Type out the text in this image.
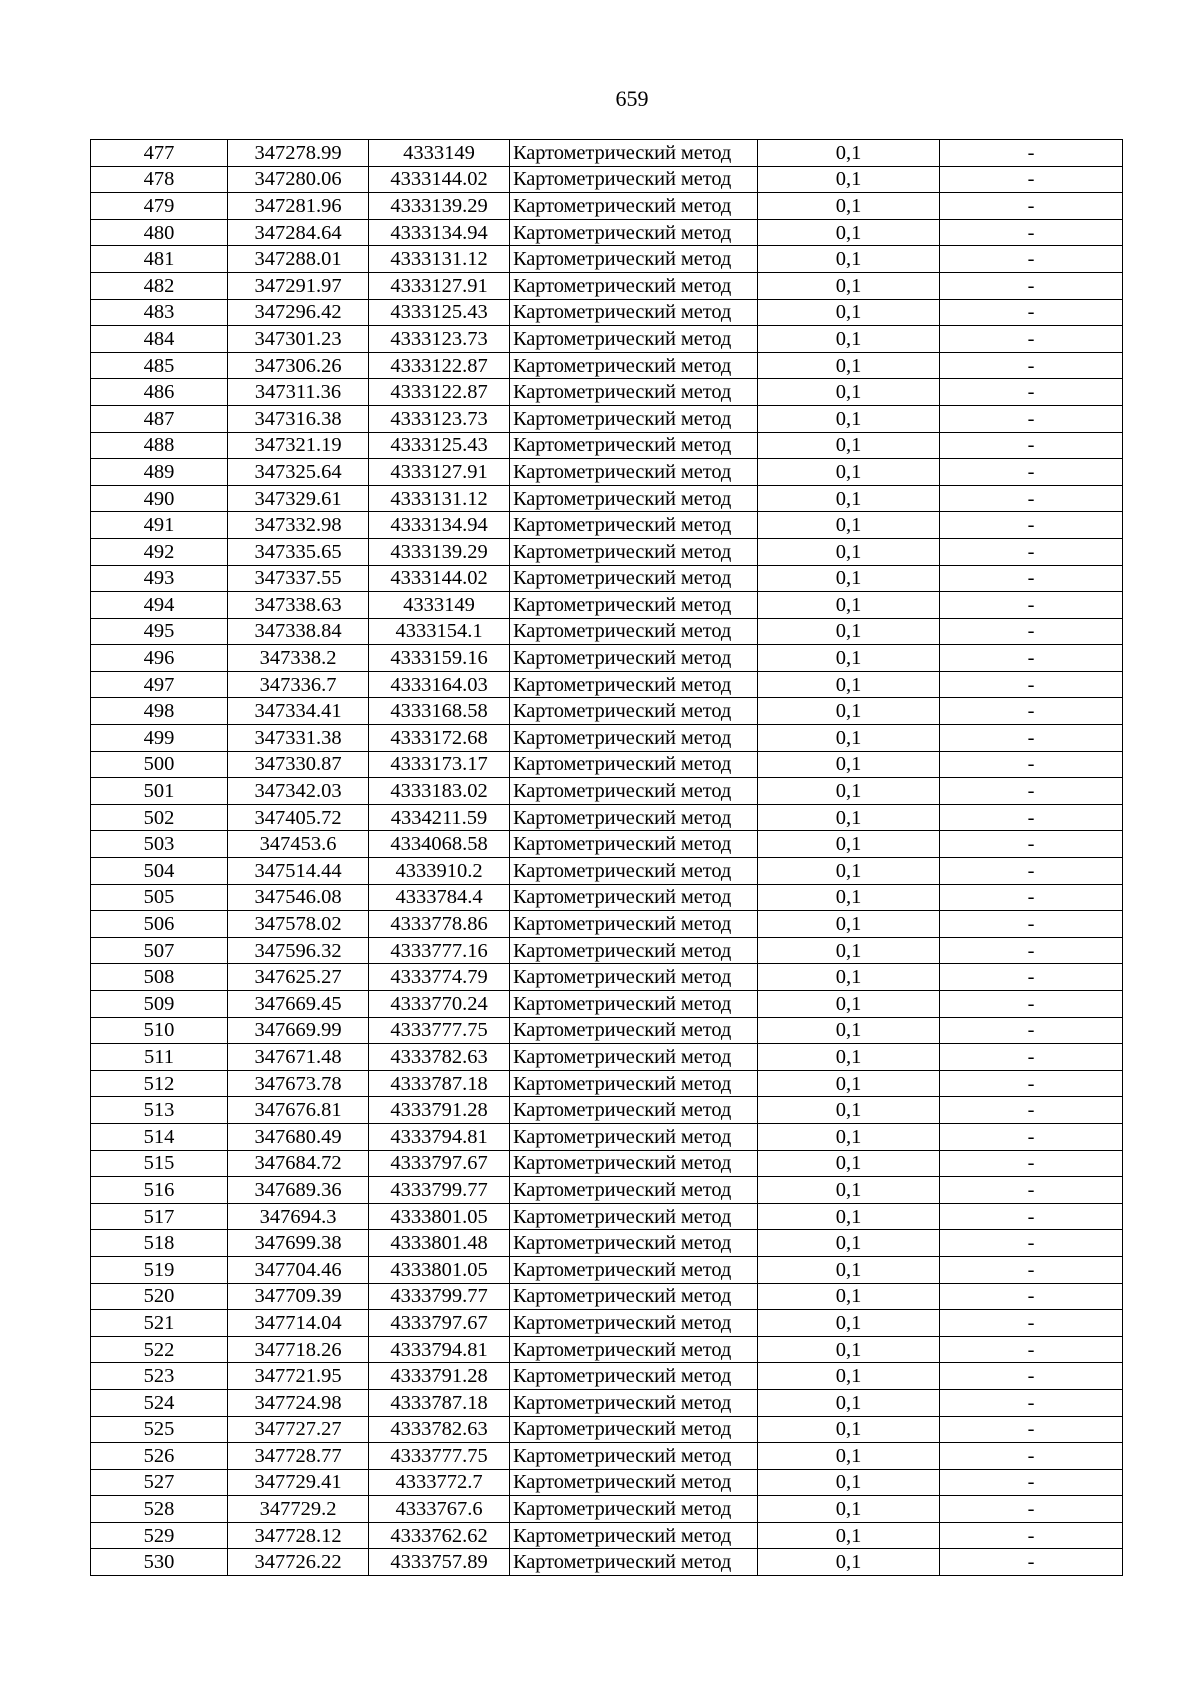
659
477	347278.99	4333149	Картометрический метод	0,1	-
478	347280.06	4333144.02	Картометрический метод	0,1	-
479	347281.96	4333139.29	Картометрический метод	0,1	-
480	347284.64	4333134.94	Картометрический метод	0,1	-
481	347288.01	4333131.12	Картометрический метод	0,1	-
482	347291.97	4333127.91	Картометрический метод	0,1	-
483	347296.42	4333125.43	Картометрический метод	0,1	-
484	347301.23	4333123.73	Картометрический метод	0,1	-
485	347306.26	4333122.87	Картометрический метод	0,1	-
486	347311.36	4333122.87	Картометрический метод	0,1	-
487	347316.38	4333123.73	Картометрический метод	0,1	-
488	347321.19	4333125.43	Картометрический метод	0,1	-
489	347325.64	4333127.91	Картометрический метод	0,1	-
490	347329.61	4333131.12	Картометрический метод	0,1	-
491	347332.98	4333134.94	Картометрический метод	0,1	-
492	347335.65	4333139.29	Картометрический метод	0,1	-
493	347337.55	4333144.02	Картометрический метод	0,1	-
494	347338.63	4333149	Картометрический метод	0,1	-
495	347338.84	4333154.1	Картометрический метод	0,1	-
496	347338.2	4333159.16	Картометрический метод	0,1	-
497	347336.7	4333164.03	Картометрический метод	0,1	-
498	347334.41	4333168.58	Картометрический метод	0,1	-
499	347331.38	4333172.68	Картометрический метод	0,1	-
500	347330.87	4333173.17	Картометрический метод	0,1	-
501	347342.03	4333183.02	Картометрический метод	0,1	-
502	347405.72	4334211.59	Картометрический метод	0,1	-
503	347453.6	4334068.58	Картометрический метод	0,1	-
504	347514.44	4333910.2	Картометрический метод	0,1	-
505	347546.08	4333784.4	Картометрический метод	0,1	-
506	347578.02	4333778.86	Картометрический метод	0,1	-
507	347596.32	4333777.16	Картометрический метод	0,1	-
508	347625.27	4333774.79	Картометрический метод	0,1	-
509	347669.45	4333770.24	Картометрический метод	0,1	-
510	347669.99	4333777.75	Картометрический метод	0,1	-
511	347671.48	4333782.63	Картометрический метод	0,1	-
512	347673.78	4333787.18	Картометрический метод	0,1	-
513	347676.81	4333791.28	Картометрический метод	0,1	-
514	347680.49	4333794.81	Картометрический метод	0,1	-
515	347684.72	4333797.67	Картометрический метод	0,1	-
516	347689.36	4333799.77	Картометрический метод	0,1	-
517	347694.3	4333801.05	Картометрический метод	0,1	-
518	347699.38	4333801.48	Картометрический метод	0,1	-
519	347704.46	4333801.05	Картометрический метод	0,1	-
520	347709.39	4333799.77	Картометрический метод	0,1	-
521	347714.04	4333797.67	Картометрический метод	0,1	-
522	347718.26	4333794.81	Картометрический метод	0,1	-
523	347721.95	4333791.28	Картометрический метод	0,1	-
524	347724.98	4333787.18	Картометрический метод	0,1	-
525	347727.27	4333782.63	Картометрический метод	0,1	-
526	347728.77	4333777.75	Картометрический метод	0,1	-
527	347729.41	4333772.7	Картометрический метод	0,1	-
528	347729.2	4333767.6	Картометрический метод	0,1	-
529	347728.12	4333762.62	Картометрический метод	0,1	-
530	347726.22	4333757.89	Картометрический метод	0,1	-
